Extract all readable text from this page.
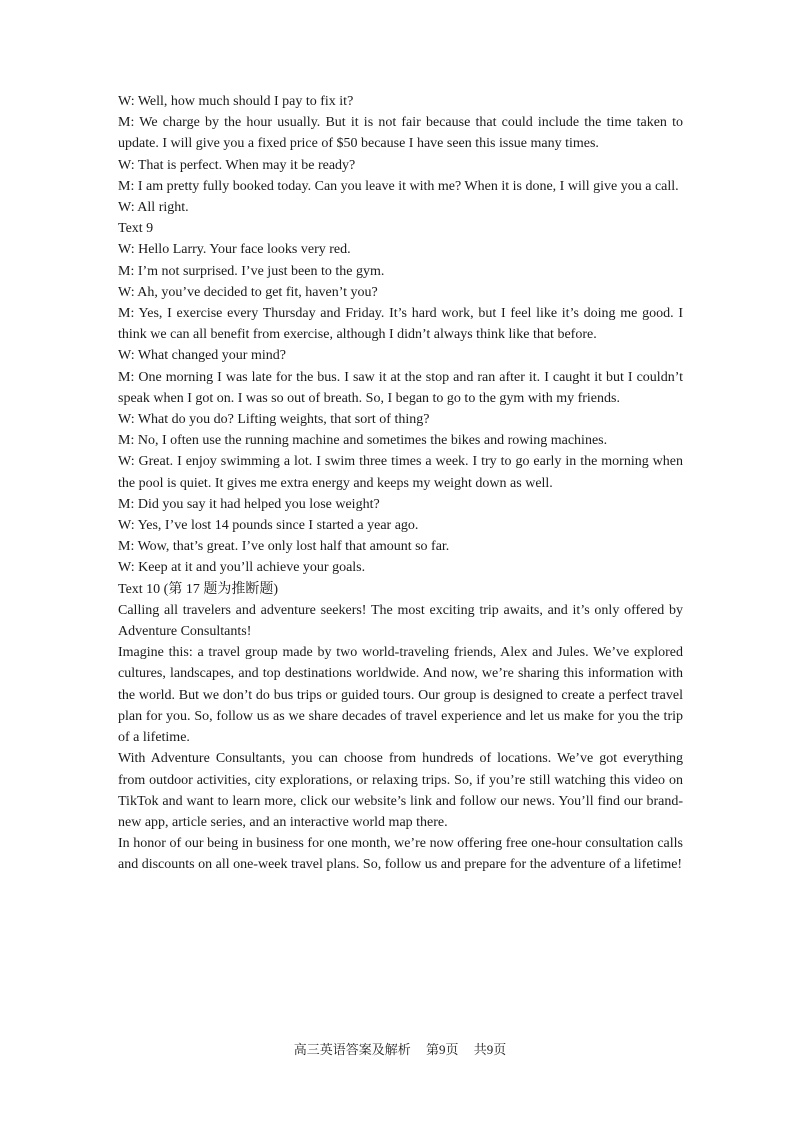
W: Well, how much should I pay to fix it?

M: We charge by the hour usually. But it is not fair because that could include the time taken to update. I will give you a fixed price of $50 because I have seen this issue many times.

W: That is perfect. When may it be ready?

M: I am pretty fully booked today. Can you leave it with me? When it is done, I will give you a call.

W: All right.

Text 9

W: Hello Larry. Your face looks very red.

M: I’m not surprised. I’ve just been to the gym.

W: Ah, you’ve decided to get fit, haven’t you?

M: Yes, I exercise every Thursday and Friday. It’s hard work, but I feel like it’s doing me good. I think we can all benefit from exercise, although I didn’t always think like that before.

W: What changed your mind?

M: One morning I was late for the bus. I saw it at the stop and ran after it. I caught it but I couldn’t speak when I got on. I was so out of breath. So, I began to go to the gym with my friends.

W: What do you do? Lifting weights, that sort of thing?

M: No, I often use the running machine and sometimes the bikes and rowing machines.

W: Great. I enjoy swimming a lot. I swim three times a week. I try to go early in the morning when the pool is quiet. It gives me extra energy and keeps my weight down as well.

M: Did you say it had helped you lose weight?

W: Yes, I’ve lost 14 pounds since I started a year ago.

M: Wow, that’s great. I’ve only lost half that amount so far.

W: Keep at it and you’ll achieve your goals.

Text 10 (第 17 题为推断题)

Calling all travelers and adventure seekers! The most exciting trip awaits, and it’s only offered by Adventure Consultants!

Imagine this: a travel group made by two world-traveling friends, Alex and Jules. We’ve explored cultures, landscapes, and top destinations worldwide. And now, we’re sharing this information with the world. But we don’t do bus trips or guided tours. Our group is designed to create a perfect travel plan for you. So, follow us as we share decades of travel experience and let us make for you the trip of a lifetime.

With Adventure Consultants, you can choose from hundreds of locations. We’ve got everything from outdoor activities, city explorations, or relaxing trips. So, if you’re still watching this video on TikTok and want to learn more, click our website’s link and follow our news. You’ll find our brand-new app, article series, and an interactive world map there.

In honor of our being in business for one month, we’re now offering free one-hour consultation calls and discounts on all one-week travel plans. So, follow us and prepare for the adventure of a lifetime!

高三英语答案及解析 第9页 共9页
